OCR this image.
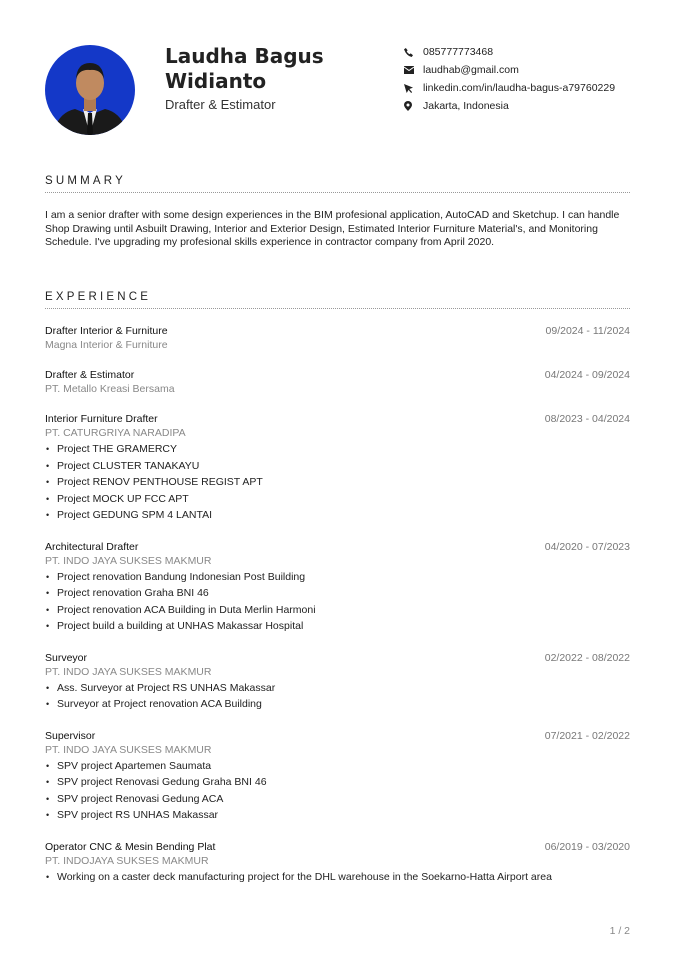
Laudha Bagus
Widianto
Drafter & Estimator
085777773468
laudhab@gmail.com
linkedin.com/in/laudha-bagus-a79760229
Jakarta, Indonesia
SUMMARY

I am a senior drafter with some design experiences in the BIM profesional application, AutoCAD and Sketchup. I can handle Shop Drawing until Asbuilt Drawing, Interior and Exterior Design, Estimated Interior Furniture Material's, and Monitoring Schedule. I've upgrading my profesional skills experience in contractor company from April 2020.

EXPERIENCE
Drafter Interior & Furniture	09/2024 - 11/2024
Magna Interior & Furniture
Drafter & Estimator	04/2024 - 09/2024
PT. Metallo Kreasi Bersama
Interior Furniture Drafter	08/2023 - 04/2024
PT. CATURGRIYA NARADIPA
• Project THE GRAMERCY
• Project CLUSTER TANAKAYU
• Project RENOV PENTHOUSE REGIST APT
• Project MOCK UP FCC APT
• Project GEDUNG SPM 4 LANTAI
Architectural Drafter	04/2020 - 07/2023
PT. INDO JAYA SUKSES MAKMUR
• Project renovation Bandung Indonesian Post Building
• Project renovation Graha BNI 46
• Project renovation ACA Building in Duta Merlin Harmoni
• Project build a building at UNHAS Makassar Hospital
Surveyor	02/2022 - 08/2022
PT. INDO JAYA SUKSES MAKMUR
• Ass. Surveyor at Project RS UNHAS Makassar
• Surveyor at Project renovation ACA Building
Supervisor	07/2021 - 02/2022
PT. INDO JAYA SUKSES MAKMUR
• SPV project Apartemen Saumata
• SPV project Renovasi Gedung Graha BNI 46
• SPV project Renovasi Gedung ACA
• SPV project RS UNHAS Makassar
Operator CNC & Mesin Bending Plat	06/2019 - 03/2020
PT. INDOJAYA SUKSES MAKMUR
• Working on a caster deck manufacturing project for the DHL warehouse in the Soekarno-Hatta Airport area
1 / 2
